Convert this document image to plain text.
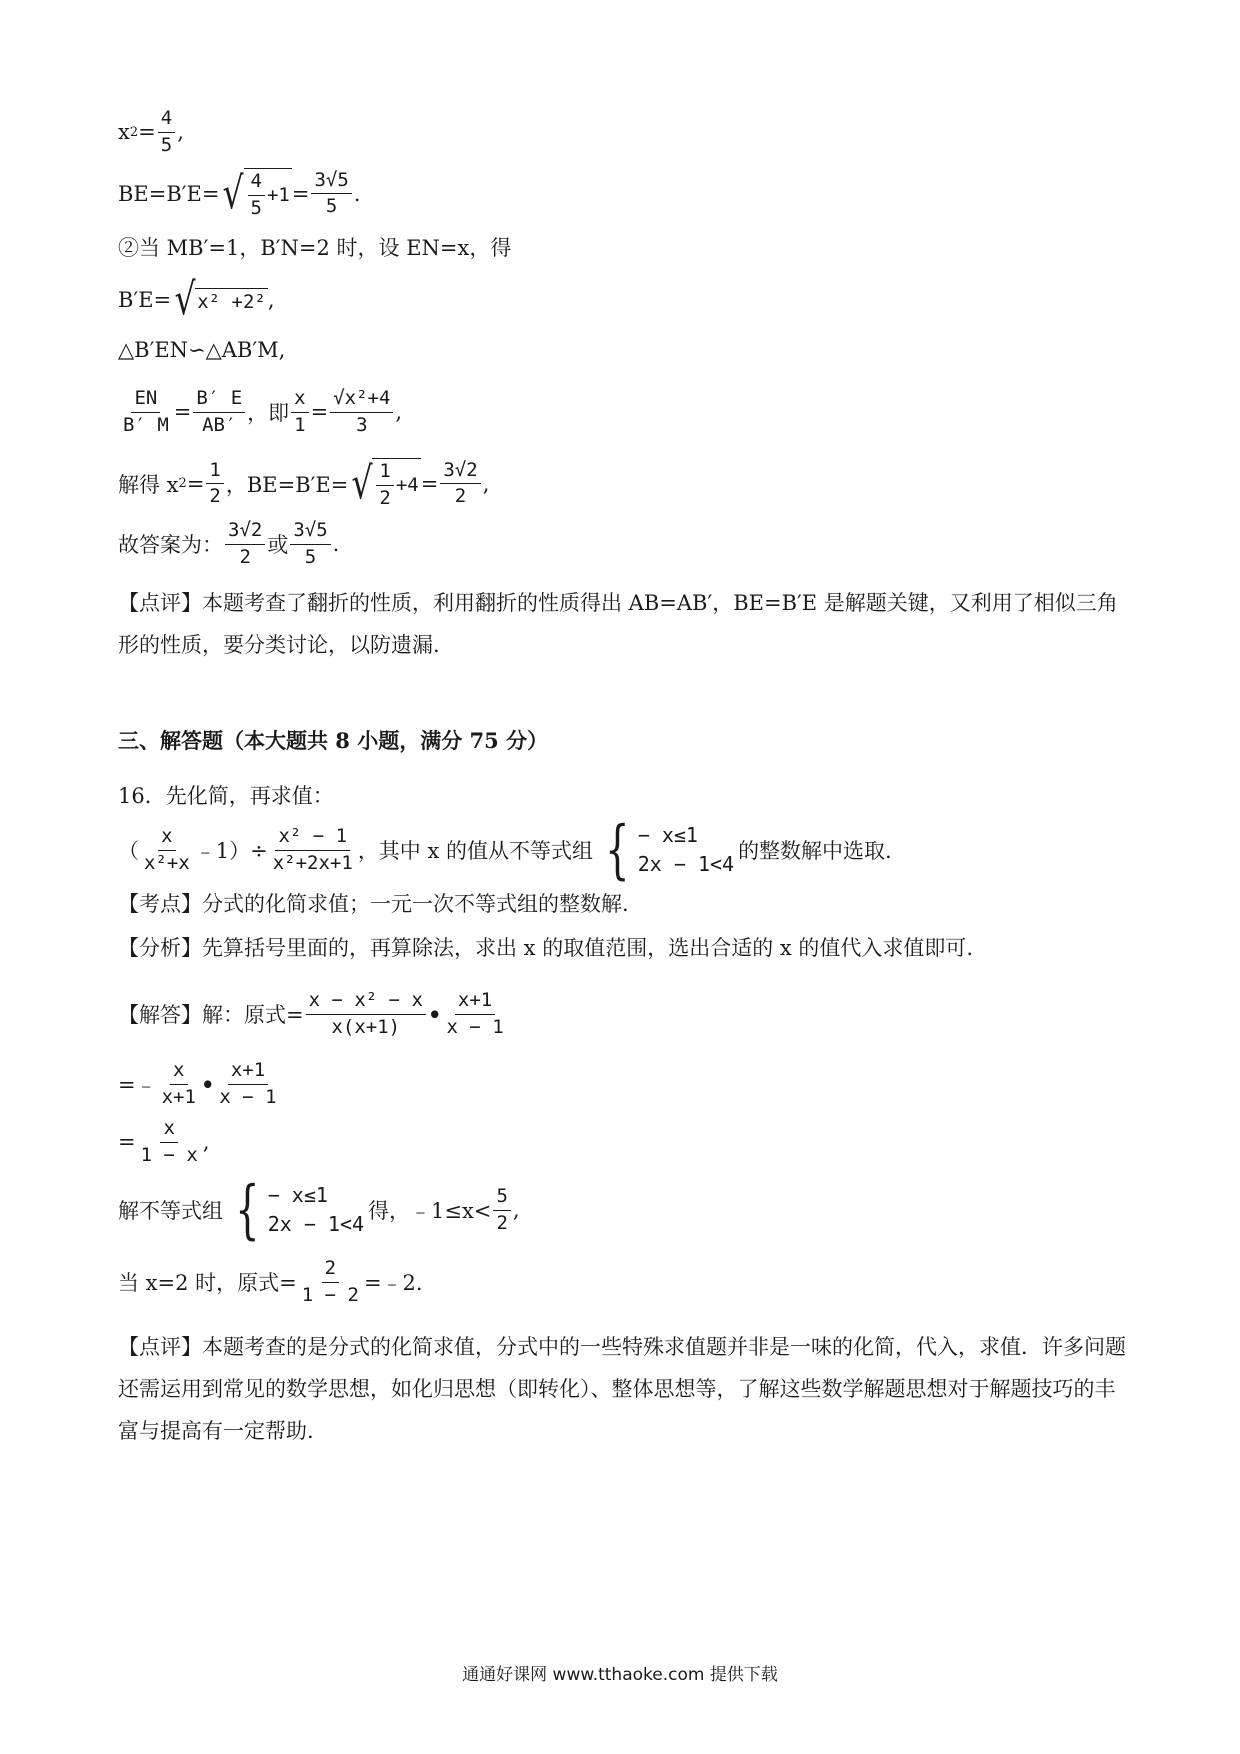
x $2 = \frac{4}{5}$ ,
BE=B′E= √ $\frac{4}{5} +1 = \frac{3√5}{5}$ .
②当 MB′=1，B′N=2 时，设 EN=x，得
B′E= √ x² +2² ,
△B′EN∽△AB′M,
$\frac{EN}{B' M} = \frac{B' E}{AB'}$ ，即 $\frac{x}{1} = \frac{\text{√x²+4}}{3}$ ,
解得 x $2 = \frac{1}{2}$ ，BE=B′E= √ $\frac{1}{2} +4 = \frac{3√2}{2}$ ,
故答案为： $\frac{3√2}{2}$ 或 $\frac{3√5}{5}$ .
【点评】本题考查了翻折的性质，利用翻折的性质得出 AB=AB′，BE=B′E 是解题关键，又利用了相似三角形的性质，要分类讨论，以防遗漏.
三、解答题（本大题共 8 小题，满分 75 分）
16．先化简，再求值：
（ $\frac{x}{\text{x²+x}}$ ﹣1）÷ $\frac{\text{x² − 1}}{\text{x²+2x+1}}$ ，其中 x 的值从不等式组 { − x≤1
2x − 1<4
的整数解中选取.
【考点】分式的化简求值；一元一次不等式组的整数解.
【分析】先算括号里面的，再算除法，求出 x 的取值范围，选出合适的 x 的值代入求值即可.
【解答】解：原式= $\frac{\text{x − x² − x}}{x(x+1)}$ • $\frac{x+1}{x - 1}$
=﹣ $\frac{x}{x+1}$ • $\frac{x+1}{x - 1}$
= $\frac{x}{1 - x}$ ,
解不等式组 { − x≤1
2x − 1<4
得，﹣1≤x< $\frac{5}{2}$ ,
当 x=2 时，原式= $\frac{2}{1 - 2}$ =﹣2.
【点评】本题考查的是分式的化简求值，分式中的一些特殊求值题并非是一味的化简，代入，求值．许多问题还需运用到常见的数学思想，如化归思想（即转化）、整体思想等，了解这些数学解题思想对于解题技巧的丰富与提高有一定帮助.
通通好课网 www.tthaoke.com 提供下载
